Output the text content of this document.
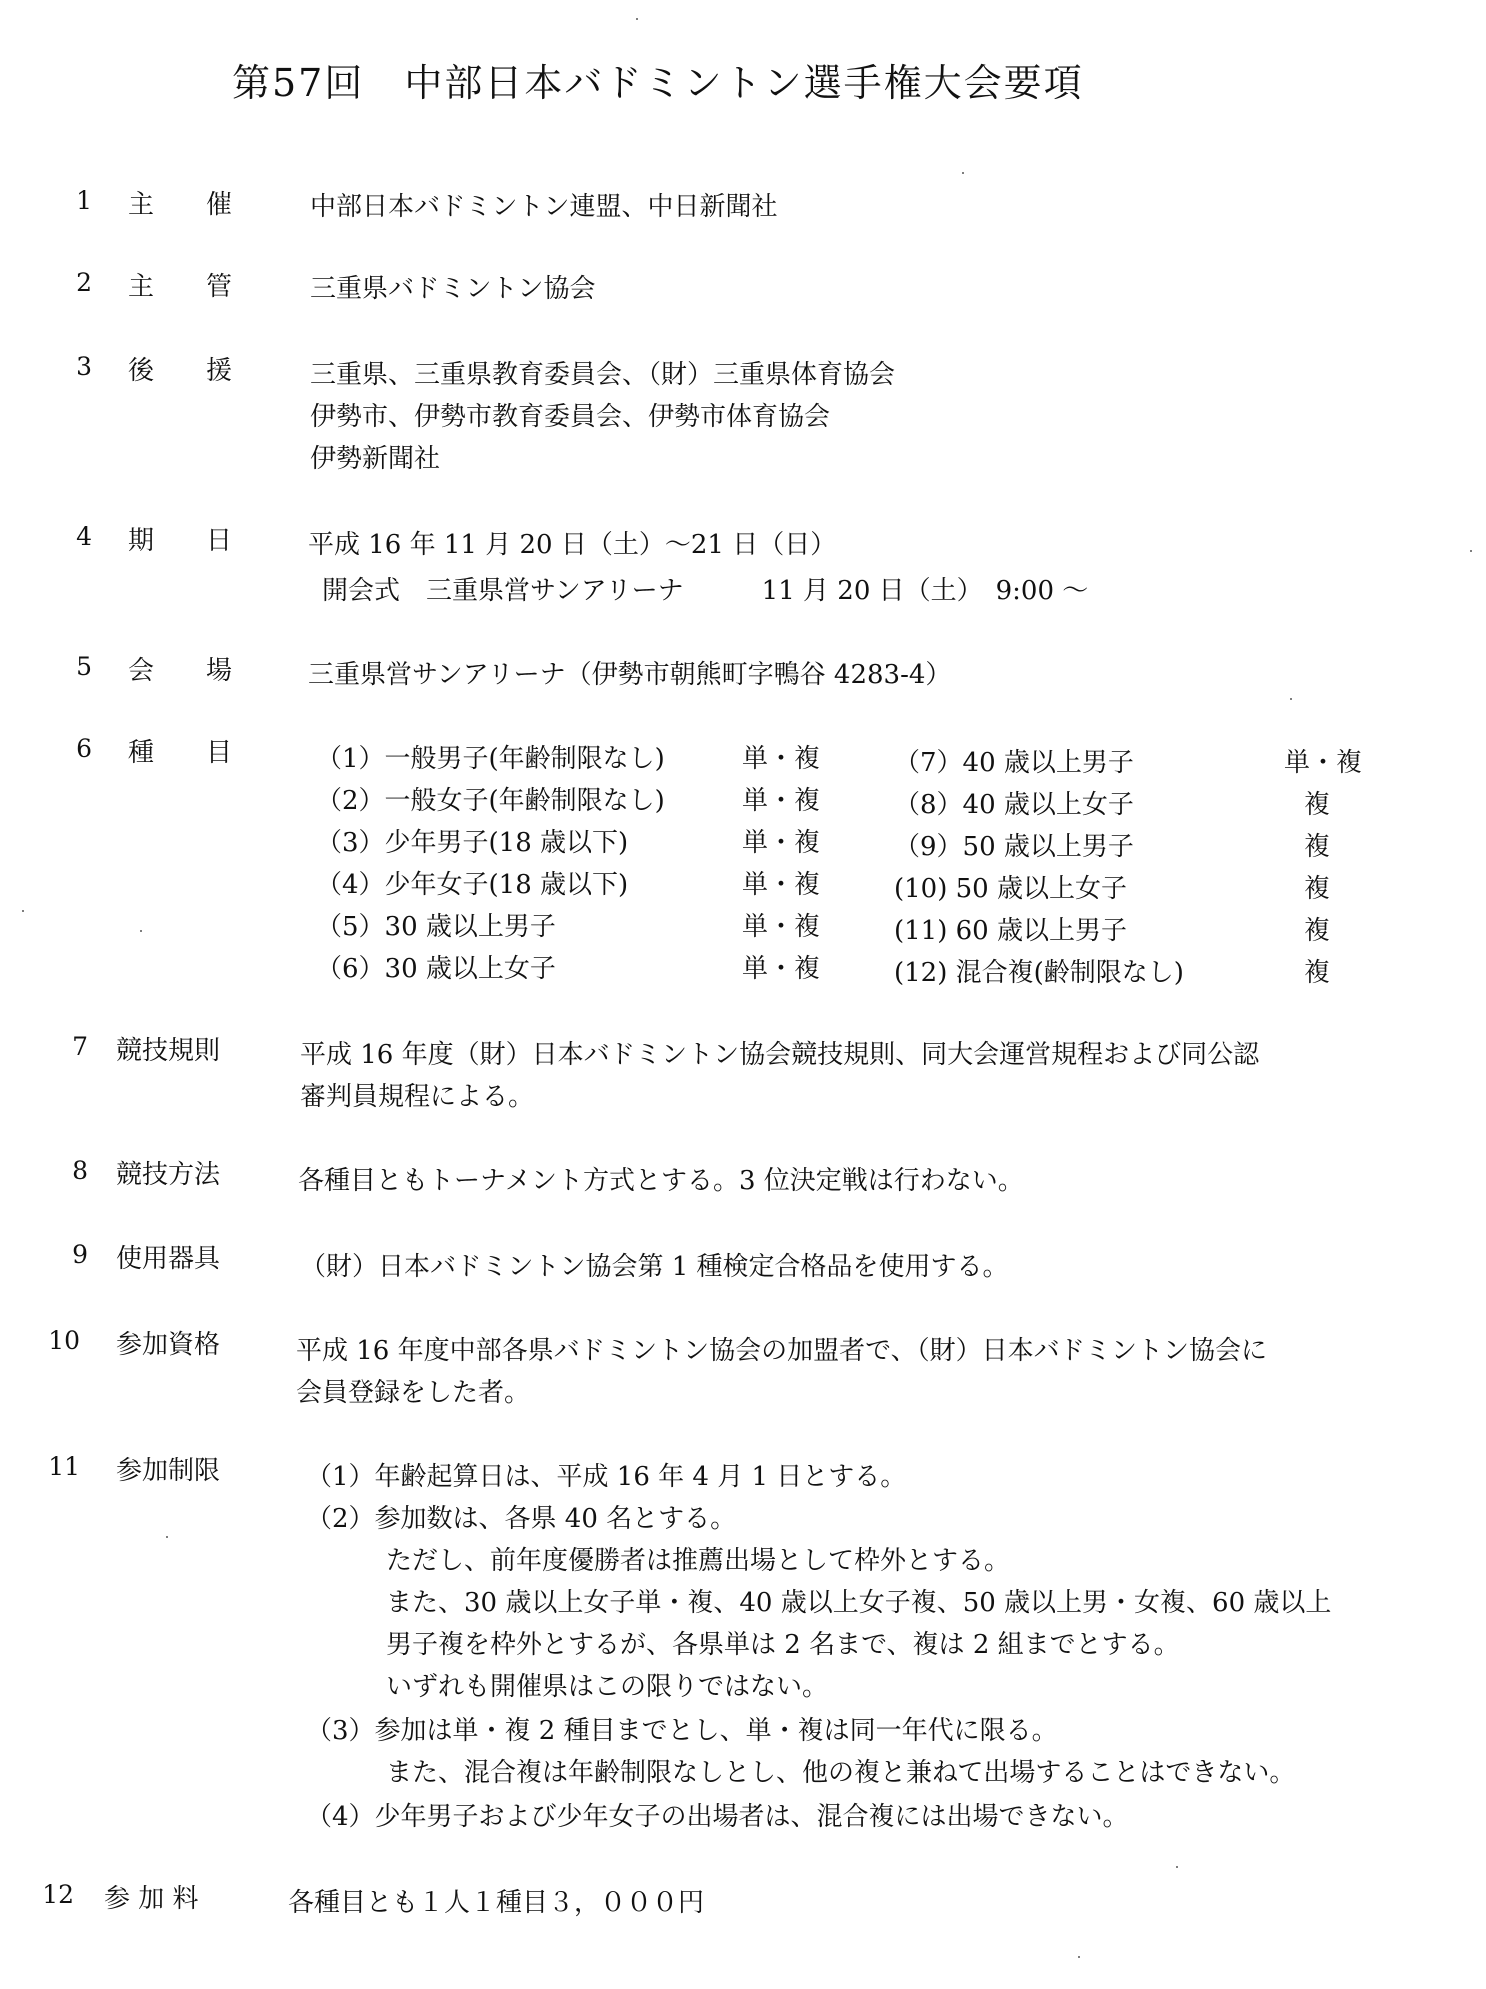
第57回　中部日本バドミントン選手権大会要項
1 主　　催	中部日本バドミントン連盟、中日新聞社
2 主　　管	三重県バドミントン協会
3 後　　援	三重県、三重県教育委員会、（財）三重県体育協会
伊勢市、伊勢市教育委員会、伊勢市体育協会
伊勢新聞社
4 期　　日	平成 16 年 11 月 20 日（土）～21 日（日）
開会式　三重県営サンアリーナ　　　11 月 20 日（土）　9:00 ～
5 会　　場	三重県営サンアリーナ（伊勢市朝熊町字鴨谷 4283-4）
6 種　　目	（1）一般男子(年齢制限なし)	単・複
（2）一般女子(年齢制限なし)	単・複
（3）少年男子(18 歳以下)	単・複
（4）少年女子(18 歳以下)	単・複
（5）30 歳以上男子	単・複
（6）30 歳以上女子	単・複
（7）40 歳以上男子	単・複
（8）40 歳以上女子	複
（9）50 歳以上男子	複
(10) 50 歳以上女子	複
(11) 60 歳以上男子	複
(12) 混合複(齢制限なし)	複
7 競技規則	平成 16 年度（財）日本バドミントン協会競技規則、同大会運営規程および同公認
審判員規程による。
8 競技方法	各種目ともトーナメント方式とする。3 位決定戦は行わない。
9 使用器具	（財）日本バドミントン協会第 1 種検定合格品を使用する。
10 参加資格	平成 16 年度中部各県バドミントン協会の加盟者で、（財）日本バドミントン協会に
会員登録をした者。
11 参加制限	（1）年齢起算日は、平成 16 年 4 月 1 日とする。
（2）参加数は、各県 40 名とする。
ただし、前年度優勝者は推薦出場として枠外とする。
また、30 歳以上女子単・複、40 歳以上女子複、50 歳以上男・女複、60 歳以上
男子複を枠外とするが、各県単は 2 名まで、複は 2 組までとする。
いずれも開催県はこの限りではない。
（3）参加は単・複 2 種目までとし、単・複は同一年代に限る。
また、混合複は年齢制限なしとし、他の複と兼ねて出場することはできない。
（4）少年男子および少年女子の出場者は、混合複には出場できない。
12 参 加 料	各種目とも１人１種目３，０００円
